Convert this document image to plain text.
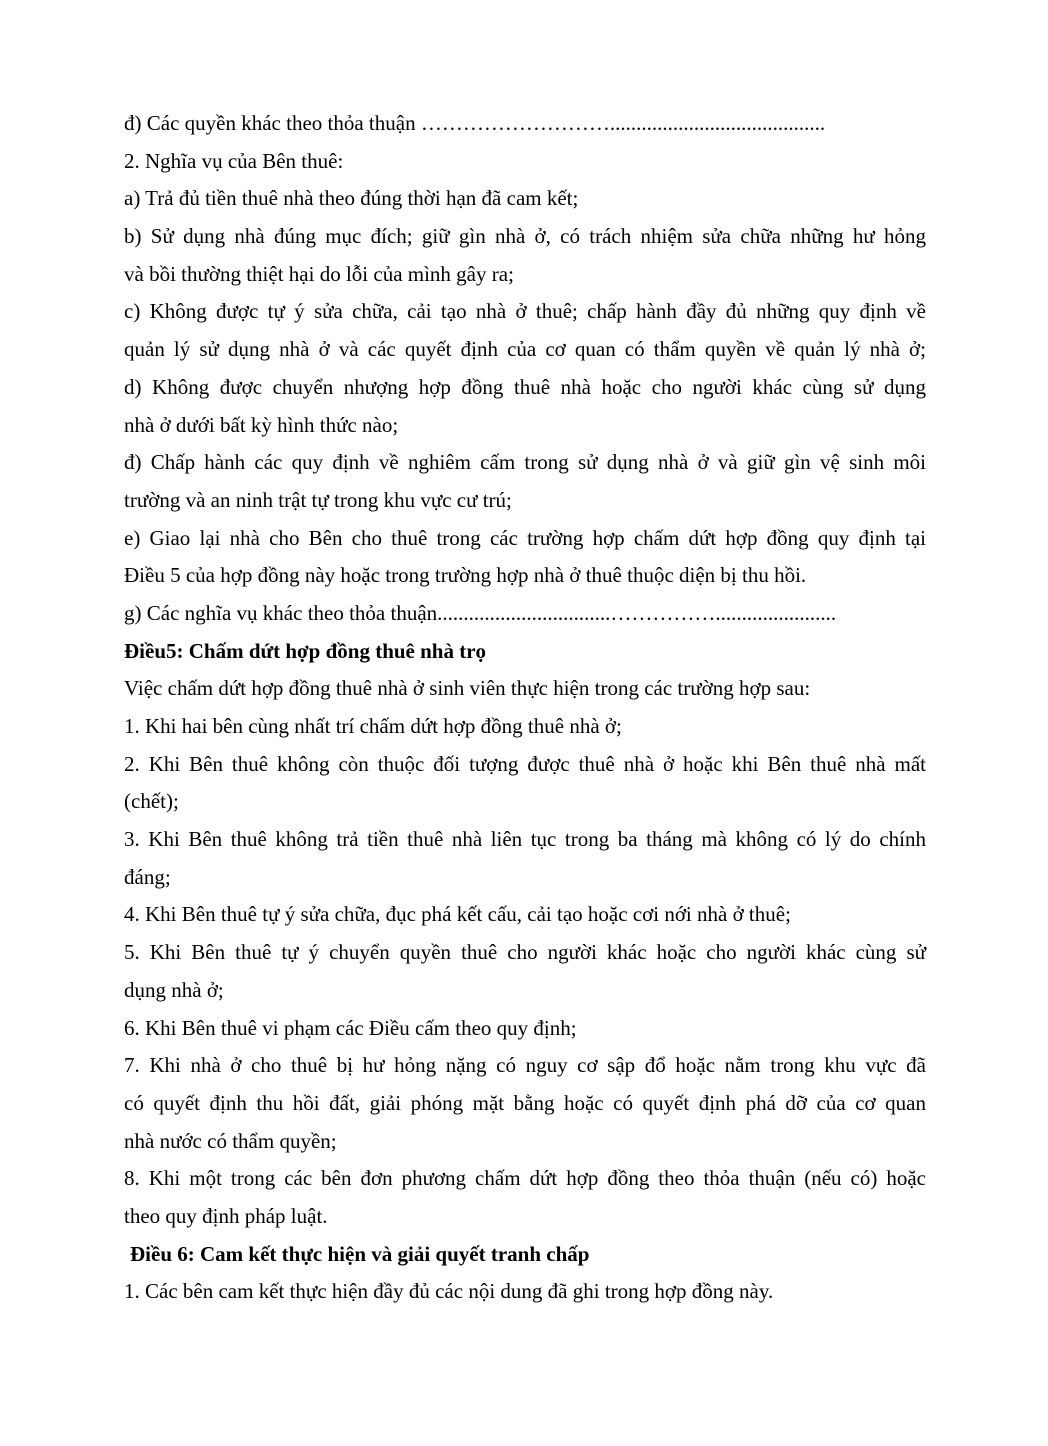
đ) Các quyền khác theo thỏa thuận ……………………….........................................
2. Nghĩa vụ của Bên thuê:
a) Trả đủ tiền thuê nhà theo đúng thời hạn đã cam kết;
b) Sử dụng nhà đúng mục đích; giữ gìn nhà ở, có trách nhiệm sửa chữa những hư hỏng
và bồi thường thiệt hại do lỗi của mình gây ra;
c) Không được tự ý sửa chữa, cải tạo nhà ở thuê; chấp hành đầy đủ những quy định về
quản lý sử dụng nhà ở và các quyết định của cơ quan có thẩm quyền về quản lý nhà ở;
d) Không được chuyển nhượng hợp đồng thuê nhà hoặc cho người khác cùng sử dụng
nhà ở dưới bất kỳ hình thức nào;
đ) Chấp hành các quy định về nghiêm cấm trong sử dụng nhà ở và giữ gìn vệ sinh môi
trường và an ninh trật tự trong khu vực cư trú;
e) Giao lại nhà cho Bên cho thuê trong các trường hợp chấm dứt hợp đồng quy định tại
Điều 5 của hợp đồng này hoặc trong trường hợp nhà ở thuê thuộc diện bị thu hồi.
g) Các nghĩa vụ khác theo thỏa thuận.................................…………….......................
Điều5: Chấm dứt hợp đồng thuê nhà trọ
Việc chấm dứt hợp đồng thuê nhà ở sinh viên thực hiện trong các trường hợp sau:
1. Khi hai bên cùng nhất trí chấm dứt hợp đồng thuê nhà ở;
2. Khi Bên thuê không còn thuộc đối tượng được thuê nhà ở hoặc khi Bên thuê nhà mất
(chết);
3. Khi Bên thuê không trả tiền thuê nhà liên tục trong ba tháng mà không có lý do chính
đáng;
4. Khi Bên thuê tự ý sửa chữa, đục phá kết cấu, cải tạo hoặc cơi nới nhà ở thuê;
5. Khi Bên thuê tự ý chuyển quyền thuê cho người khác hoặc cho người khác cùng sử
dụng nhà ở;
6. Khi Bên thuê vi phạm các Điều cấm theo quy định;
7. Khi nhà ở cho thuê bị hư hỏng nặng có nguy cơ sập đổ hoặc nằm trong khu vực đã
có quyết định thu hồi đất, giải phóng mặt bằng hoặc có quyết định phá dỡ của cơ quan
nhà nước có thẩm quyền;
8. Khi một trong các bên đơn phương chấm dứt hợp đồng theo thỏa thuận (nếu có) hoặc
theo quy định pháp luật.
Điều 6: Cam kết thực hiện và giải quyết tranh chấp
1. Các bên cam kết thực hiện đầy đủ các nội dung đã ghi trong hợp đồng này.
